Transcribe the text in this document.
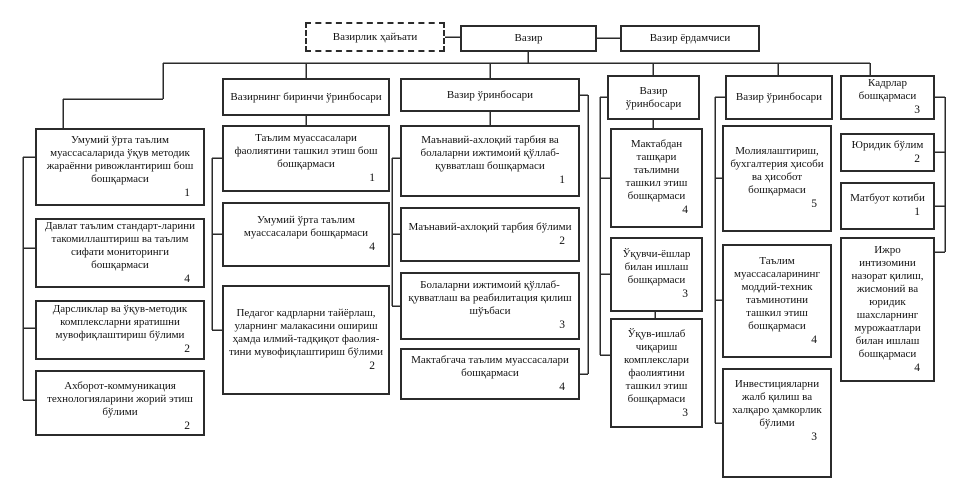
Вазирлик ҳайъати	Вазир	Вазир ёрдамчиси
Вазирнинг биринчи ўринбосари	Вазир ўринбосари	Вазир ўринбосари
Вазир ўринбосари
Кадрлар бошқармаси
3
Умумий ўрта таълим муассасаларида ўқув методик жараённи ривожлантириш бош бошқармаси
1
Давлат таълим стандарт-ларини такомиллаштириш ва таълим сифати мониторинги бошқармаси
4
Дарсликлар ва ўқув-методик комплексларни яратишни мувофиқлаштириш бўлими
2
Ахборот-коммуникация технологияларини жорий этиш бўлими
2
Таълим муассасалари фаолиятини ташкил этиш бош бошқармаси
1
Умумий ўрта таълим муассасалари бошқармаси
4
Педагог кадрларни тайёрлаш, уларнинг малакасини ошириш ҳамда илмий-тадқиқот фаолия-тини мувофиқлаштириш бўлими
2
Маънавий-ахлоқий тарбия ва болаларни ижтимоий қўллаб-қувватлаш бошқармаси
1
Маънавий-ахлоқий тарбия бўлими
2
Болаларни ижтимоий қўллаб-қувватлаш ва реабилитация қилиш шўъбаси
3
Мактабгача таълим муассасалари бошқармаси
4
Мактабдан ташқари таълимни ташкил этиш бошқармаси
4
Ўқувчи-ёшлар билан ишлаш бошқармаси
3
Ўқув-ишлаб чиқариш комплекслари фаолиятини ташкил этиш бошқармаси
3
Молиялаштириш, бухгалтерия ҳисоби ва ҳисобот бошқармаси
5
Таълим муассасаларининг моддий-техник таъминотини ташкил этиш бошқармаси
4
Инвестицияларни жалб қилиш ва халқаро ҳамкорлик бўлими
3
Юридик бўлим
2
Матбуот котиби
1
Ижро интизомини назорат қилиш, жисмоний ва юридик шахсларнинг мурожаатлари билан ишлаш бошқармаси
4
